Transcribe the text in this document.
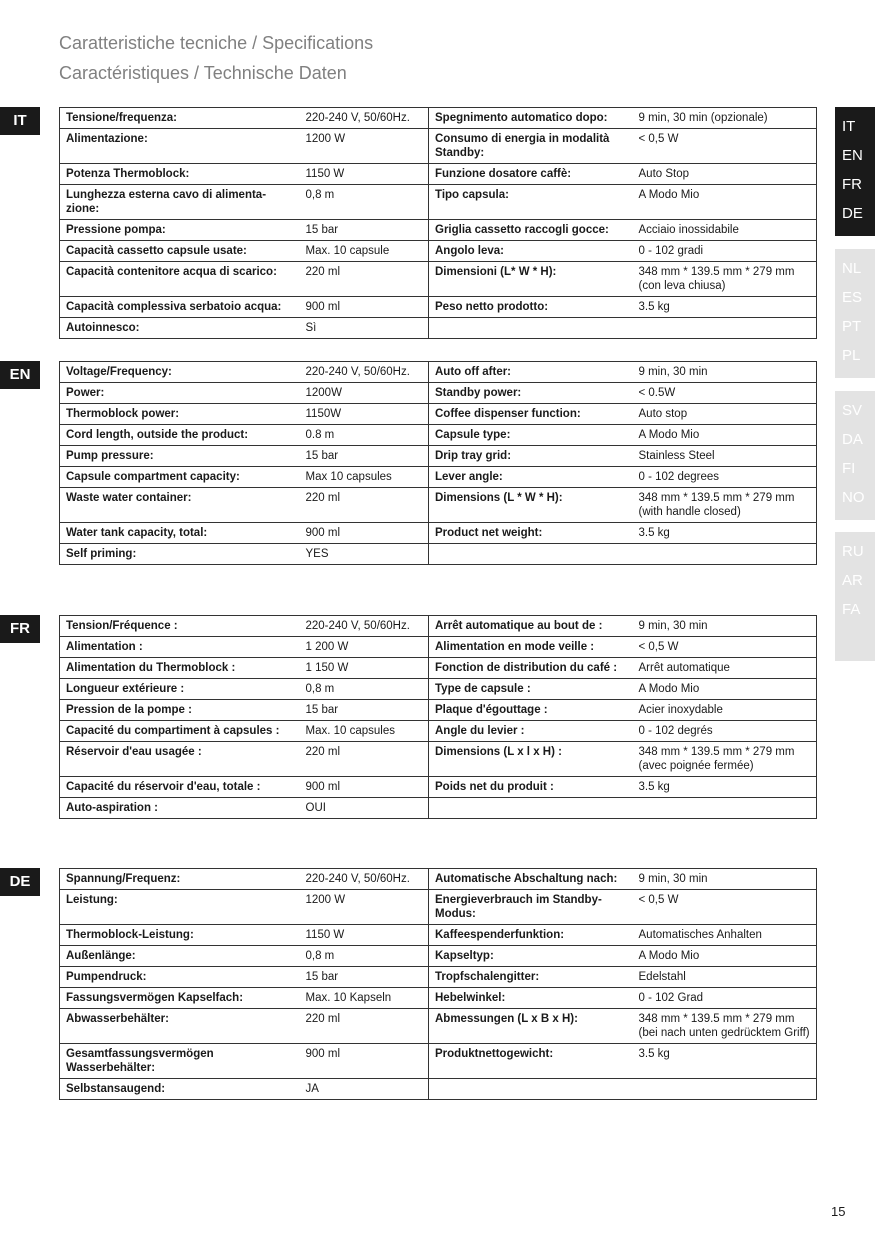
Caratteristiche tecniche / Specifications
Caractéristiques / Technische Daten
IT	Tensione/frequenza:	220-240 V, 50/60Hz.	Spegnimento automatico dopo:	9 min, 30 min (opzionale)
Alimentazione:	1200 W	Consumo di energia in modalità Standby:	< 0,5 W
Potenza Thermoblock:	1150 W	Funzione dosatore caffè:	Auto Stop
Lunghezza esterna cavo di alimenta-zione:	0,8 m	Tipo capsula:	A Modo Mio
Pressione pompa:	15 bar	Griglia cassetto raccogli gocce:	Acciaio inossidabile
Capacità cassetto capsule usate:	Max. 10 capsule	Angolo leva:	0 - 102 gradi
Capacità contenitore acqua di scarico:	220 ml	Dimensioni (L* W * H):	348 mm * 139.5 mm * 279 mm (con leva chiusa)
Capacità complessiva serbatoio acqua:	900 ml	Peso netto prodotto:	3.5 kg
Autoinnesco:	Sì		
EN	Voltage/Frequency:	220-240 V, 50/60Hz.	Auto off after:	9 min, 30 min
Power:	1200W	Standby power:	< 0.5W
Thermoblock power:	1150W	Coffee dispenser function:	Auto stop
Cord length, outside the product:	0.8 m	Capsule type:	A Modo Mio
Pump pressure:	15 bar	Drip tray grid:	Stainless Steel
Capsule compartment capacity:	Max 10 capsules	Lever angle:	0 - 102 degrees
Waste water container:	220 ml	Dimensions (L * W * H):	348 mm * 139.5 mm * 279 mm (with handle closed)
Water tank capacity, total:	900 ml	Product net weight:	3.5 kg
Self priming:	YES		
FR	Tension/Fréquence :	220-240 V, 50/60Hz.	Arrêt automatique au bout de :	9 min, 30 min
Alimentation :	1 200 W	Alimentation en mode veille :	< 0,5 W
Alimentation du Thermoblock :	1 150 W	Fonction de distribution du café :	Arrêt automatique
Longueur extérieure :	0,8 m	Type de capsule :	A Modo Mio
Pression de la pompe :	15 bar	Plaque d'égouttage :	Acier inoxydable
Capacité du compartiment à capsules :	Max. 10 capsules	Angle du levier :	0 - 102 degrés
Réservoir d'eau usagée :	220 ml	Dimensions (L x l x H) :	348 mm * 139.5 mm * 279 mm (avec poignée fermée)
Capacité du réservoir d'eau, totale :	900 ml	Poids net du produit :	3.5 kg
Auto-aspiration :	OUI		
DE	Spannung/Frequenz:	220-240 V, 50/60Hz.	Automatische Abschaltung nach:	9 min, 30 min
Leistung:	1200 W	Energieverbrauch im Standby-Modus:	< 0,5 W
Thermoblock-Leistung:	1150 W	Kaffeespenderfunktion:	Automatisches Anhalten
Außenlänge:	0,8 m	Kapseltyp:	A Modo Mio
Pumpendruck:	15 bar	Tropfschalengitter:	Edelstahl
Fassungsvermögen Kapselfach:	Max. 10 Kapseln	Hebelwinkel:	0 - 102 Grad
Abwasserbehälter:	220 ml	Abmessungen (L x B x H):	348 mm * 139.5 mm * 279 mm (bei nach unten gedrücktem Griff)
Gesamtfassungsvermögen Wasserbehälter:	900 ml	Produktnettogewicht:	3.5 kg
Selbstansaugend:	JA		
IT
EN
FR
DE
NL
ES
PT
PL
SV
DA
FI
NO
RU
AR
FA
15
